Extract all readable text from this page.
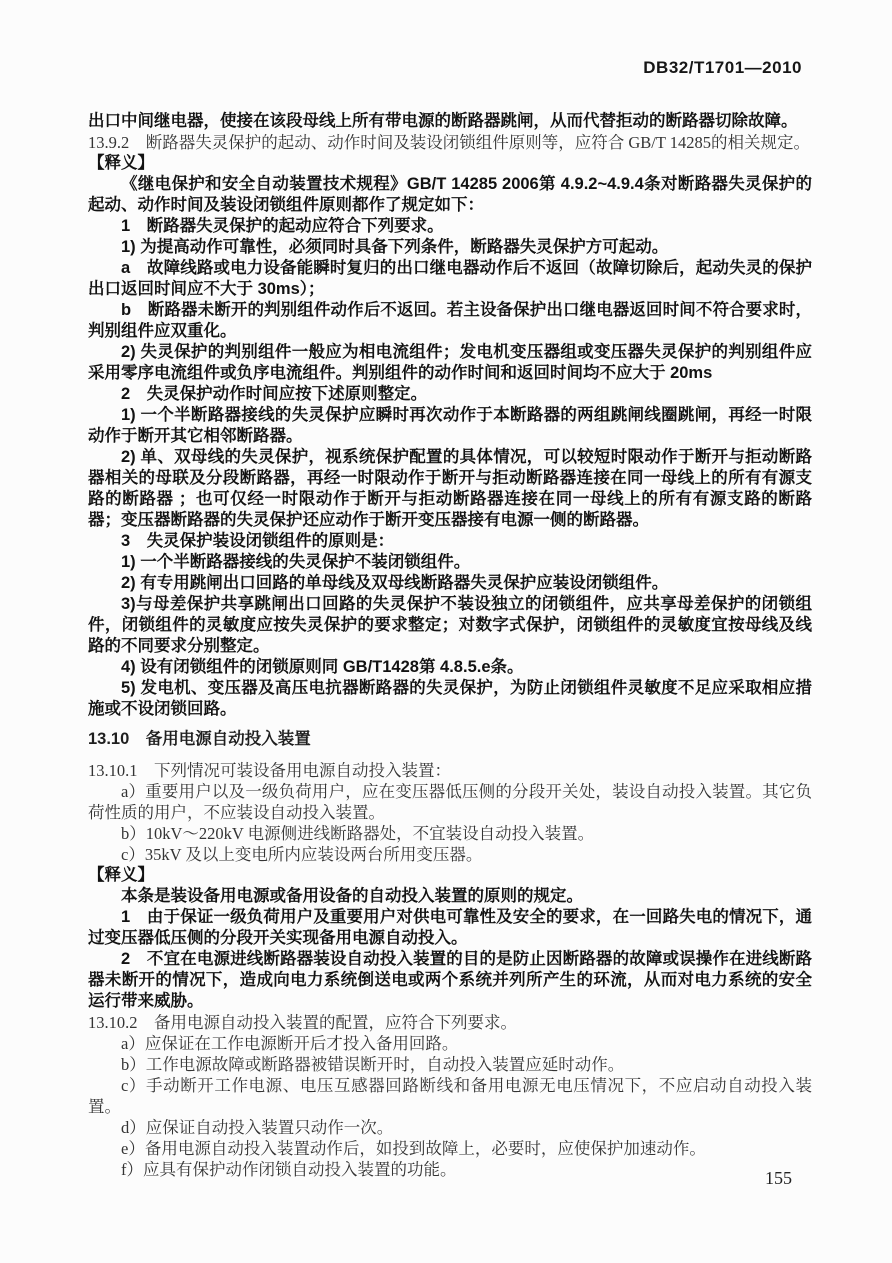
DB32/T1701—2010

出口中间继电器，使接在该段母线上所有带电源的断路器跳闸，从而代替拒动的断路器切除故障。

13.9.2　断路器失灵保护的起动、动作时间及装设闭锁组件原则等，应符合 GB/T 14285的相关规定。

【释义】

《继电保护和安全自动装置技术规程》GB/T 14285 2006第 4.9.2~4.9.4条对断路器失灵保护的起动、动作时间及装设闭锁组件原则都作了规定如下：

1　断路器失灵保护的起动应符合下列要求。

1) 为提高动作可靠性，必须同时具备下列条件，断路器失灵保护方可起动。

a　故障线路或电力设备能瞬时复归的出口继电器动作后不返回（故障切除后，起动失灵的保护出口返回时间应不大于 30ms）；

b　断路器未断开的判别组件动作后不返回。若主设备保护出口继电器返回时间不符合要求时，判别组件应双重化。

2) 失灵保护的判别组件一般应为相电流组件；发电机变压器组或变压器失灵保护的判别组件应采用零序电流组件或负序电流组件。判别组件的动作时间和返回时间均不应大于 20ms

2　失灵保护动作时间应按下述原则整定。

1) 一个半断路器接线的失灵保护应瞬时再次动作于本断路器的两组跳闸线圈跳闸，再经一时限动作于断开其它相邻断路器。

2) 单、双母线的失灵保护，视系统保护配置的具体情况，可以较短时限动作于断开与拒动断路器相关的母联及分段断路器，再经一时限动作于断开与拒动断路器连接在同一母线上的所有有源支路的断路器 ；也可仅经一时限动作于断开与拒动断路器连接在同一母线上的所有有源支路的断路器；变压器断路器的失灵保护还应动作于断开变压器接有电源一侧的断路器。

3　失灵保护装设闭锁组件的原则是：

1) 一个半断路器接线的失灵保护不装闭锁组件。

2) 有专用跳闸出口回路的单母线及双母线断路器失灵保护应装设闭锁组件。

3)与母差保护共享跳闸出口回路的失灵保护不装设独立的闭锁组件，应共享母差保护的闭锁组件，闭锁组件的灵敏度应按失灵保护的要求整定；对数字式保护，闭锁组件的灵敏度宜按母线及线路的不同要求分别整定。

4) 设有闭锁组件的闭锁原则同 GB/T1428第 4.8.5.e条。

5) 发电机、变压器及高压电抗器断路器的失灵保护，为防止闭锁组件灵敏度不足应采取相应措施或不设闭锁回路。

13.10　备用电源自动投入装置

13.10.1　下列情况可装设备用电源自动投入装置：

a）重要用户以及一级负荷用户，应在变压器低压侧的分段开关处，装设自动投入装置。其它负荷性质的用户，不应装设自动投入装置。

b）10kV～220kV 电源侧进线断路器处，不宜装设自动投入装置。

c）35kV 及以上变电所内应装设两台所用变压器。

【释义】

本条是装设备用电源或备用设备的自动投入装置的原则的规定。

1　由于保证一级负荷用户及重要用户对供电可靠性及安全的要求，在一回路失电的情况下，通过变压器低压侧的分段开关实现备用电源自动投入。

2　不宜在电源进线断路器装设自动投入装置的目的是防止因断路器的故障或误操作在进线断路器未断开的情况下，造成向电力系统倒送电或两个系统并列所产生的环流，从而对电力系统的安全运行带来威胁。

13.10.2　备用电源自动投入装置的配置，应符合下列要求。

a）应保证在工作电源断开后才投入备用回路。

b）工作电源故障或断路器被错误断开时，自动投入装置应延时动作。

c）手动断开工作电源、电压互感器回路断线和备用电源无电压情况下，不应启动自动投入装置。

d）应保证自动投入装置只动作一次。

e）备用电源自动投入装置动作后，如投到故障上，必要时，应使保护加速动作。

f）应具有保护动作闭锁自动投入装置的功能。	155
